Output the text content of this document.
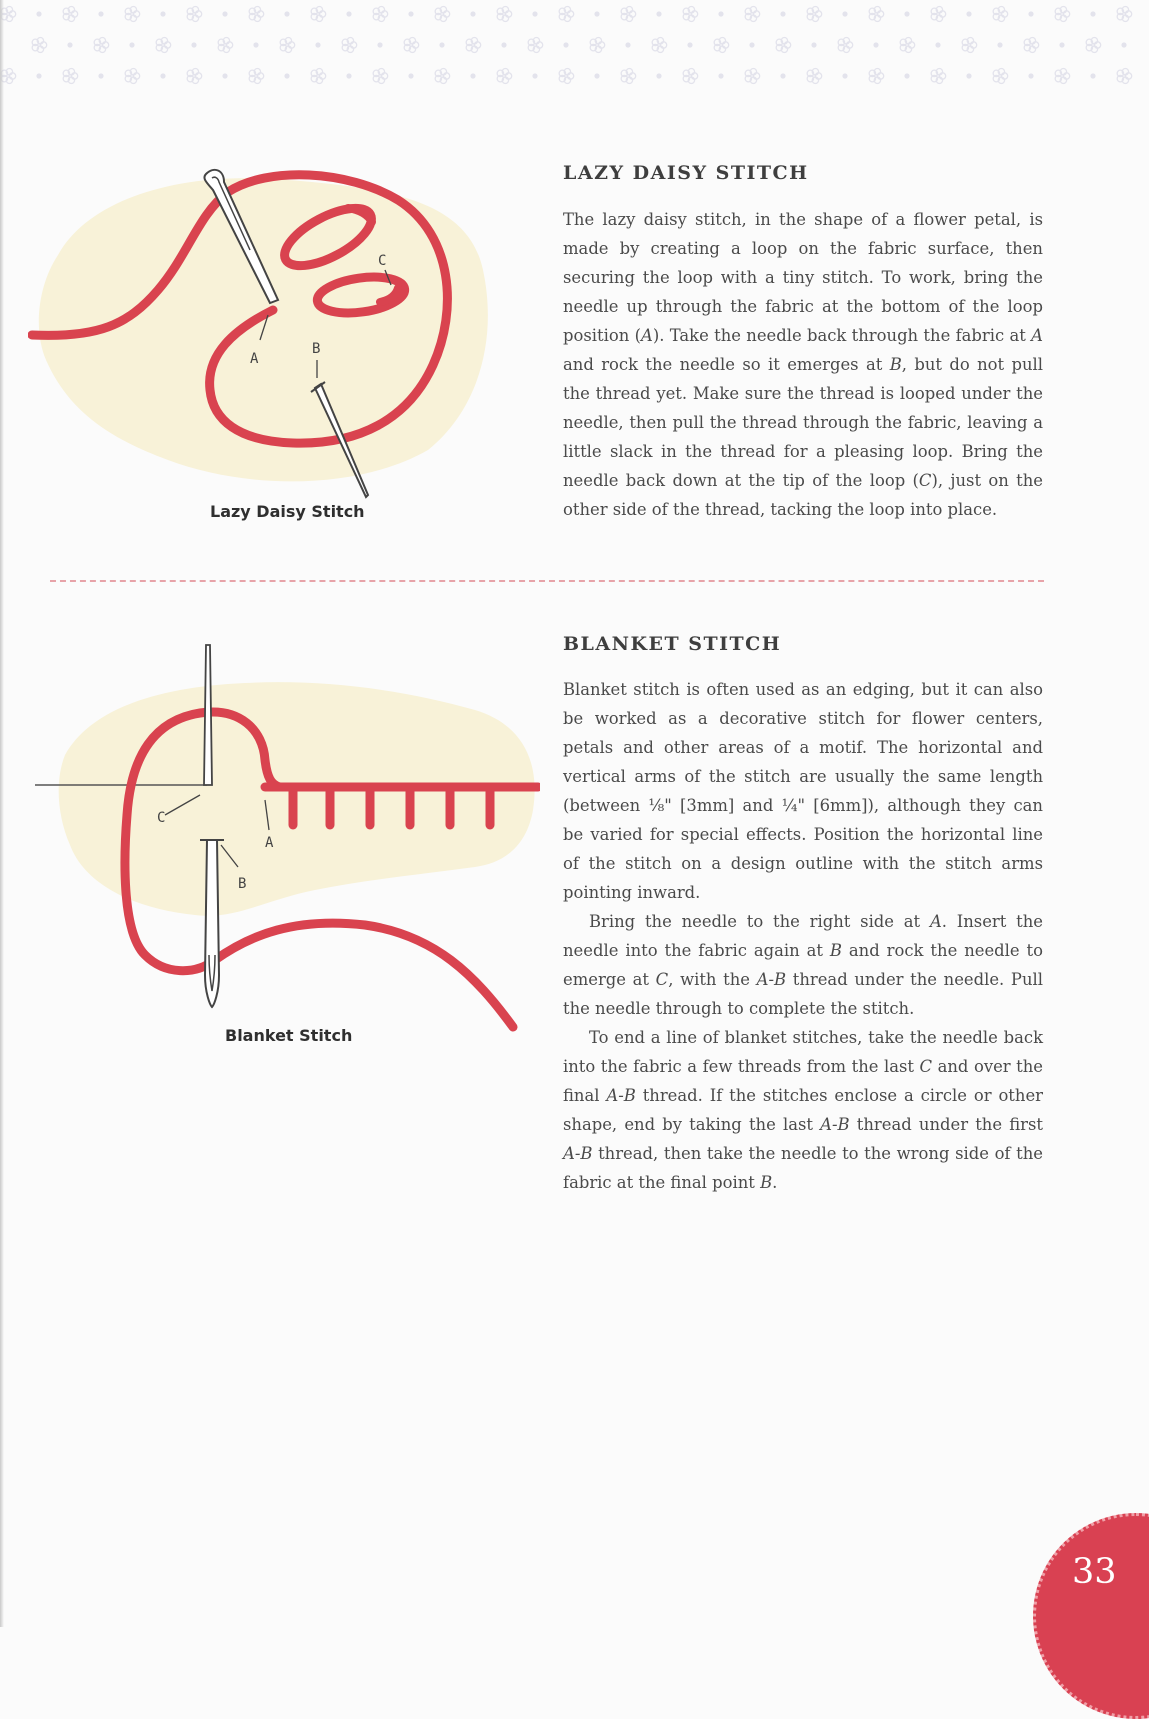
A
B
C
Lazy Daisy Stitch
LAZY DAISY STITCH

The lazy daisy stitch, in the shape of a flower petal, is made by creating a loop on the fabric surface, then securing the loop with a tiny stitch. To work, bring the needle up through the fabric at the bottom of the loop position (A). Take the needle back through the fabric at A and rock the needle so it emerges at B, but do not pull the thread yet. Make sure the thread is looped under the needle, then pull the thread through the fabric, leaving a little slack in the thread for a pleasing loop. Bring the needle back down at the tip of the loop (C), just on the other side of the thread, tacking the loop into place.

C
A
B
Blanket Stitch
BLANKET STITCH

Blanket stitch is often used as an edging, but it can also be worked as a decorative stitch for flower centers, petals and other areas of a motif. The horizontal and vertical arms of the stitch are usually the same length (between ⅛" [3mm] and ¼" [6mm]), although they can be varied for special effects. Position the horizontal line of the stitch on a design outline with the stitch arms pointing inward.

Bring the needle to the right side at A. Insert the needle into the fabric again at B and rock the needle to emerge at C, with the A-B thread under the needle. Pull the needle through to complete the stitch.

To end a line of blanket stitches, take the needle back into the fabric a few threads from the last C and over the final A-B thread. If the stitches enclose a circle or other shape, end by taking the last A-B thread under the first A-B thread, then take the needle to the wrong side of the fabric at the final point B.

33
